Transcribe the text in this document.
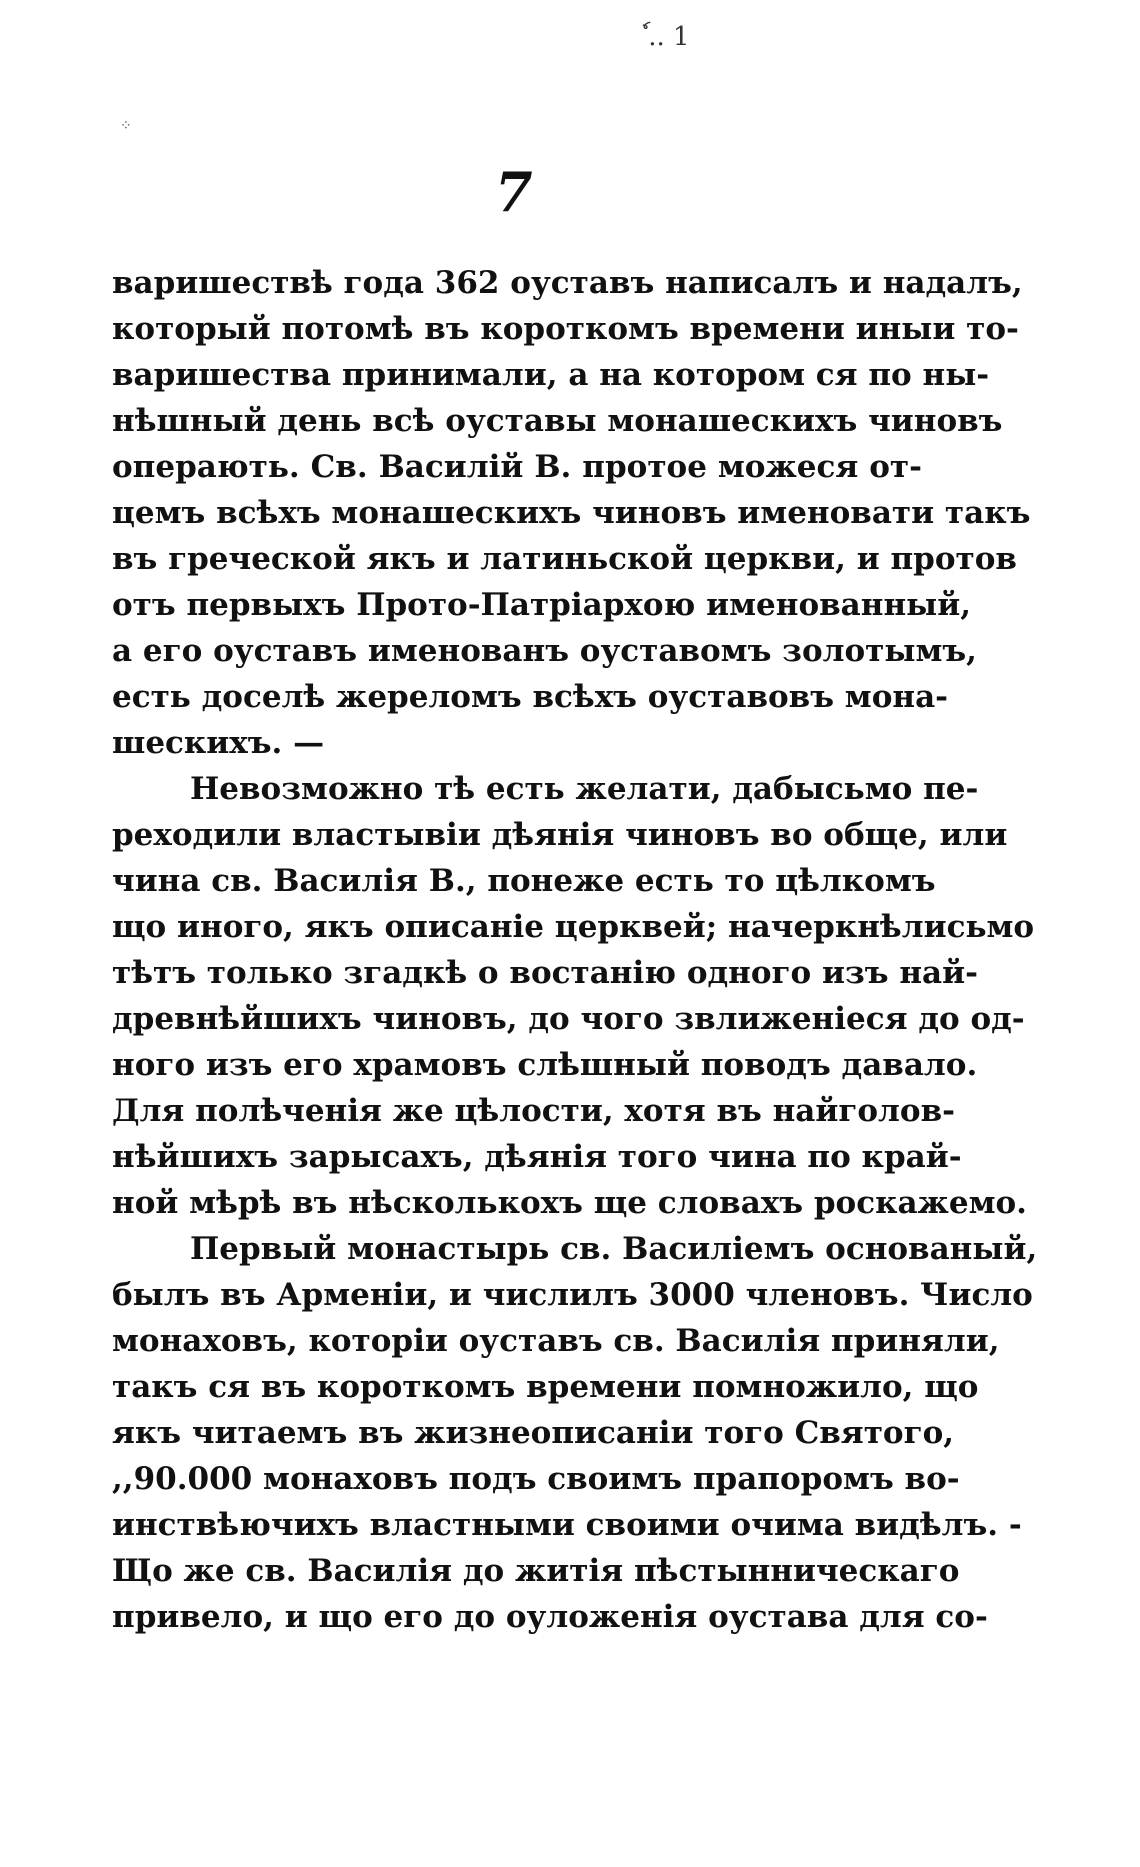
ٗ .. 1
⁘
7
варишествѣ года 362 оуставъ написалъ и надалъ,
который потомѣ въ короткомъ времени иныи то-
варишества принимали, а на котором ся по ны-
нѣшный день всѣ оуставы монашескихъ чиновъ
операють. Св. Василій В. протое можеся от-
цемъ всѣхъ монашескихъ чиновъ именовати такъ
въ греческой якъ и латиньской церкви, и протов
отъ первыхъ Прото-Патріархою именованный,
а его оуставъ именованъ оуставомъ золотымъ,
есть доселѣ жереломъ всѣхъ оуставовъ мона-
шескихъ. —
Невозможно тѣ есть желати, дабысьмо пе-
реходили властывіи дѣянія чиновъ во обще, или
чина св. Василія В., понеже есть то цѣлкомъ
що иного, якъ описаніе церквей; начеркнѣлисьмо
тѣтъ только згадкѣ о востанію одного изъ най-
древнѣйшихъ чиновъ, до чого звлиженіеся до од-
ного изъ его храмовъ слѣшный поводъ давало.
Для полѣченія же цѣлости, хотя въ найголов-
нѣйшихъ зарысахъ, дѣянія того чина по край-
ной мѣрѣ въ нѣсколькохъ ще словахъ роскажемо.
Первый монастырь св. Василіемъ основаный,
былъ въ Арменіи, и числилъ 3000 членовъ. Число
монаховъ, которіи оуставъ св. Василія приняли,
такъ ся въ короткомъ времени помножило, що
якъ читаемъ въ жизнеописаніи того Святого,
,,90.000 монаховъ подъ своимъ прапоромъ во-
инствѣючихъ властными своими очима видѣлъ. -
Що же св. Василія до житія пѣстынническаго
привело, и що его до оуложенія оустава для со-
